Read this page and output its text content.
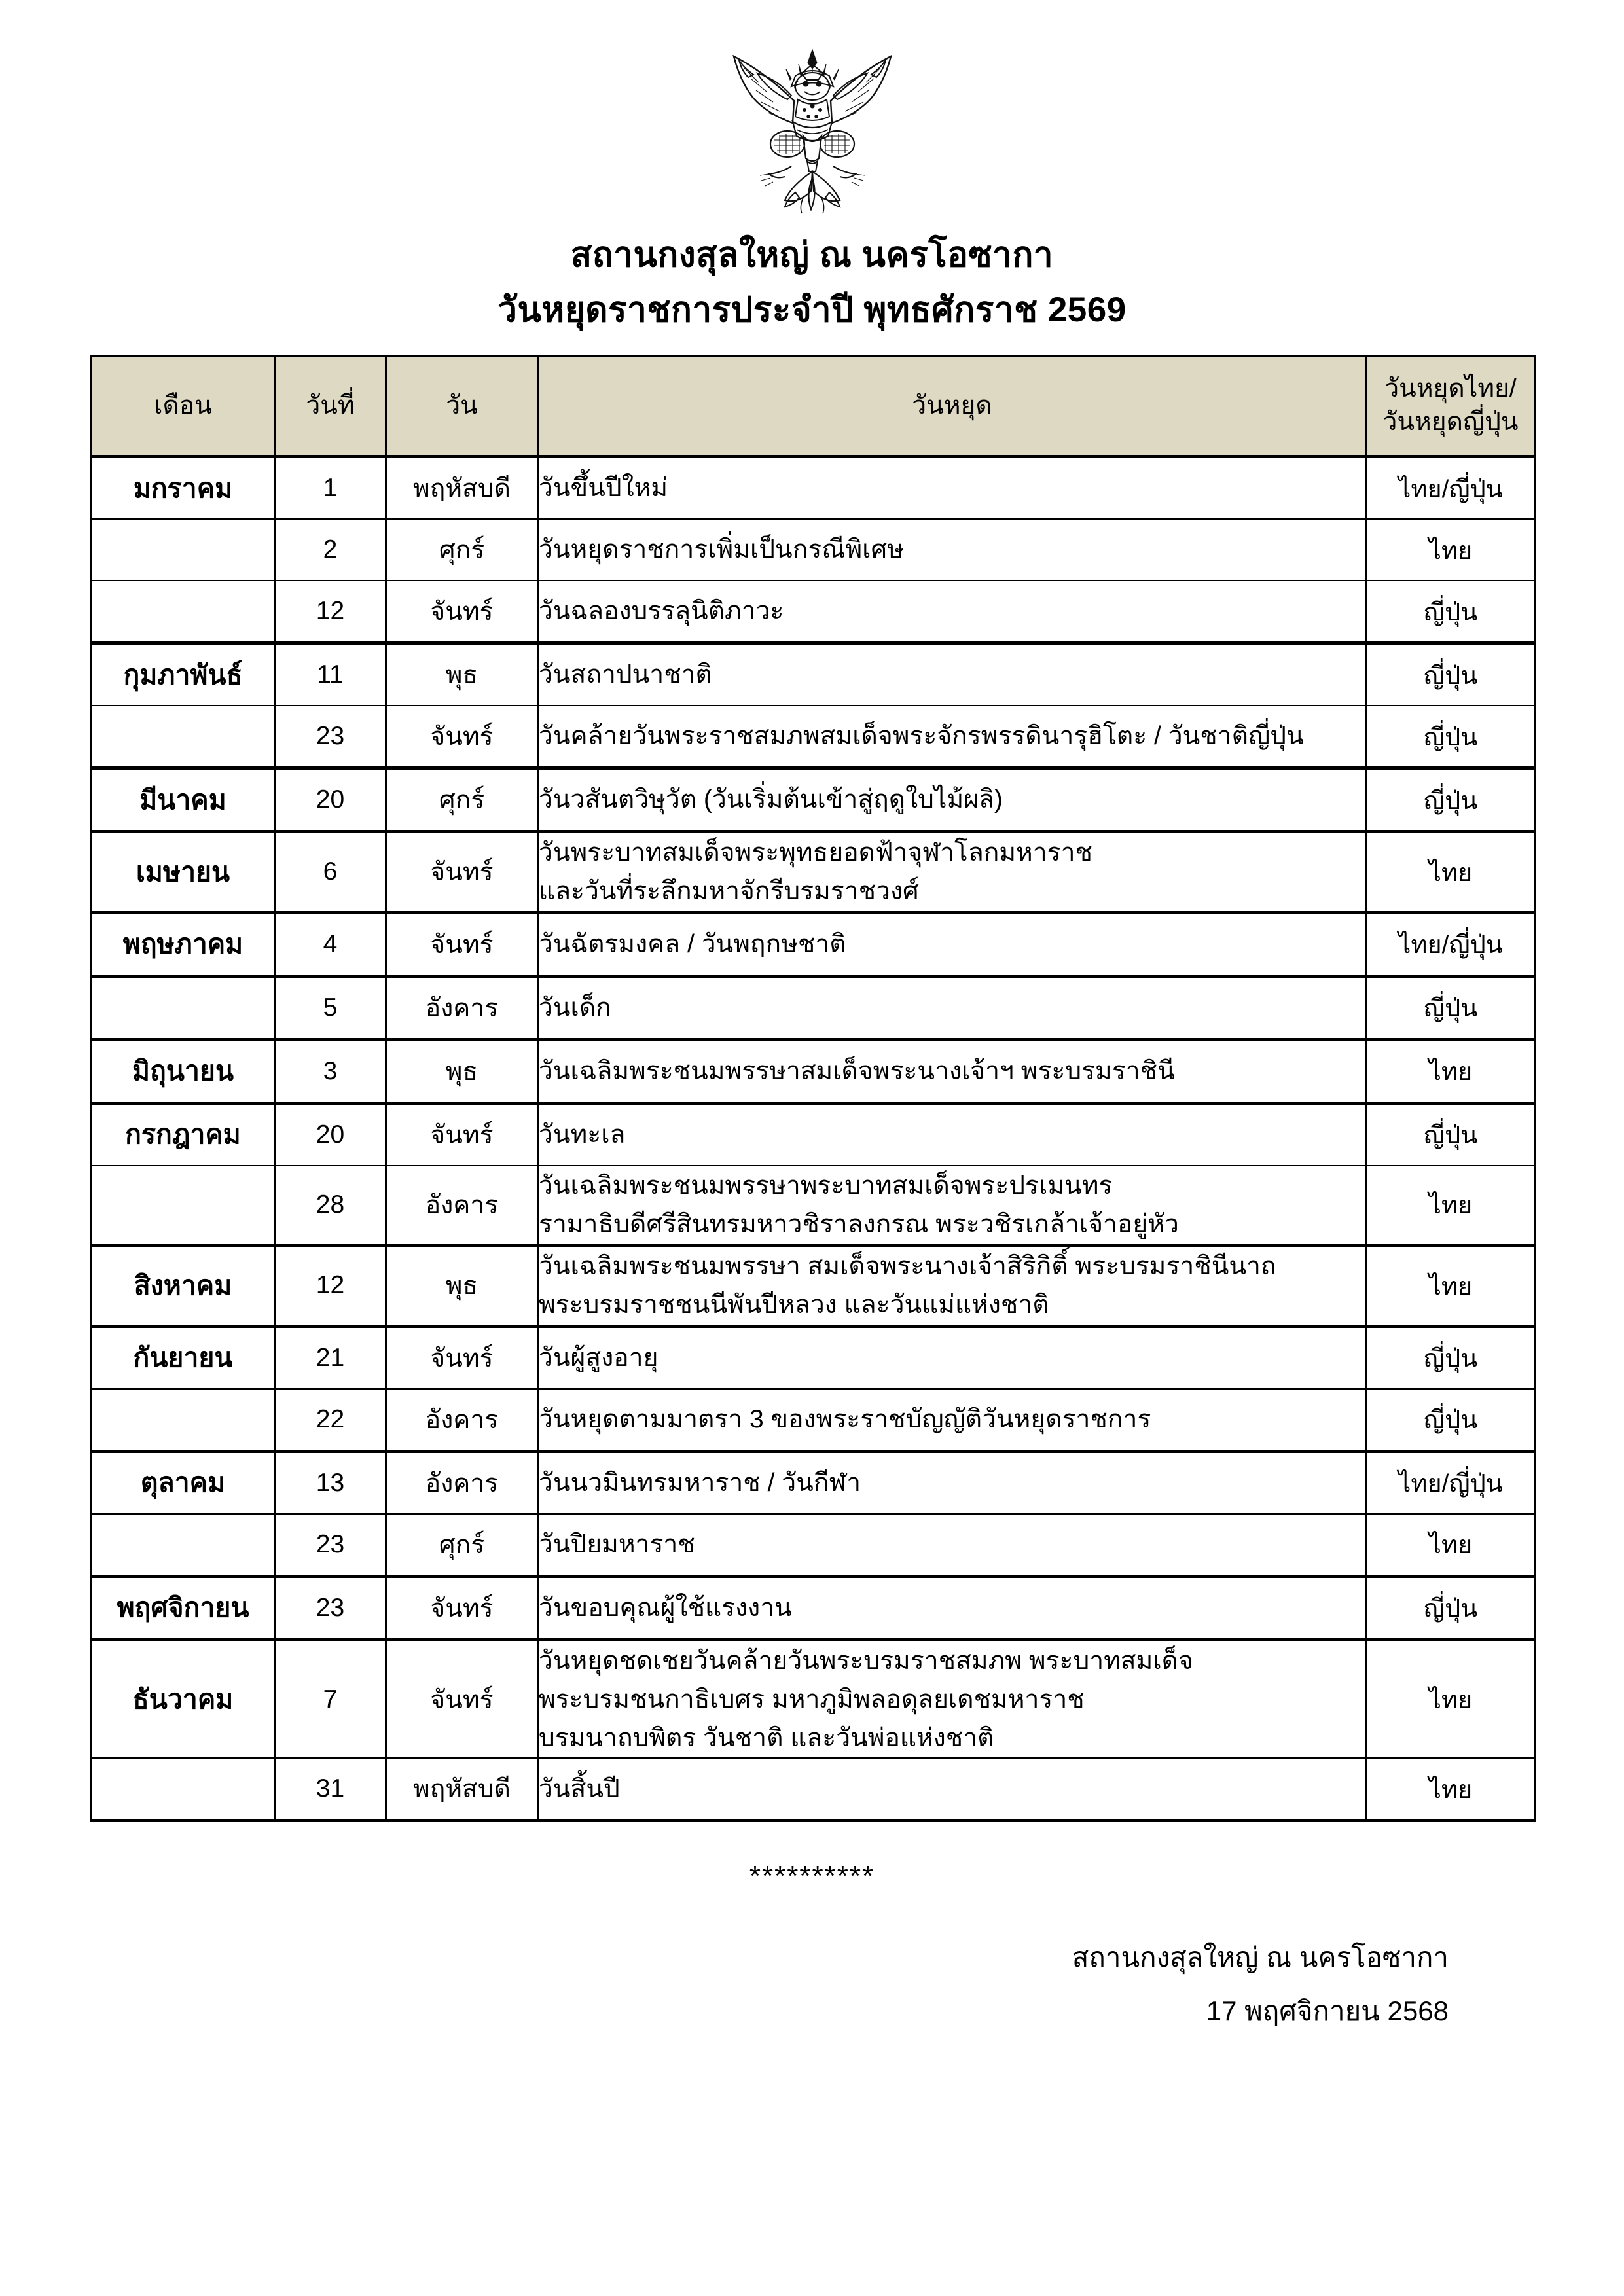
สถานกงสุลใหญ่ ณ นครโอซากา
วันหยุดราชการประจำปี พุทธศักราช 2569
เดือน	วันที่	วัน	วันหยุด	วันหยุดไทย/
วันหยุดญี่ปุ่น

มกราคม	1	พฤหัสบดี	วันขึ้นปีใหม่	ไทย/ญี่ปุ่น
	2	ศุกร์	วันหยุดราชการเพิ่มเป็นกรณีพิเศษ	ไทย
	12	จันทร์	วันฉลองบรรลุนิติภาวะ	ญี่ปุ่น
กุมภาพันธ์	11	พุธ	วันสถาปนาชาติ	ญี่ปุ่น
	23	จันทร์	วันคล้ายวันพระราชสมภพสมเด็จพระจักรพรรดินารุฮิโตะ / วันชาติญี่ปุ่น	ญี่ปุ่น
มีนาคม	20	ศุกร์	วันวสันตวิษุวัต (วันเริ่มต้นเข้าสู่ฤดูใบไม้ผลิ)	ญี่ปุ่น
เมษายน	6	จันทร์	วันพระบาทสมเด็จพระพุทธยอดฟ้าจุฬาโลกมหาราช
และวันที่ระลึกมหาจักรีบรมราชวงศ์	ไทย
พฤษภาคม	4	จันทร์	วันฉัตรมงคล / วันพฤกษชาติ	ไทย/ญี่ปุ่น
	5	อังคาร	วันเด็ก	ญี่ปุ่น
มิถุนายน	3	พุธ	วันเฉลิมพระชนมพรรษาสมเด็จพระนางเจ้าฯ พระบรมราชินี	ไทย
กรกฎาคม	20	จันทร์	วันทะเล	ญี่ปุ่น
	28	อังคาร	วันเฉลิมพระชนมพรรษาพระบาทสมเด็จพระปรเมนทร
รามาธิบดีศรีสินทรมหาวชิราลงกรณ พระวชิรเกล้าเจ้าอยู่หัว	ไทย
สิงหาคม	12	พุธ	วันเฉลิมพระชนมพรรษา สมเด็จพระนางเจ้าสิริกิติ์ พระบรมราชินีนาถ
พระบรมราชชนนีพันปีหลวง และวันแม่แห่งชาติ	ไทย
กันยายน	21	จันทร์	วันผู้สูงอายุ	ญี่ปุ่น
	22	อังคาร	วันหยุดตามมาตรา 3 ของพระราชบัญญัติวันหยุดราชการ	ญี่ปุ่น
ตุลาคม	13	อังคาร	วันนวมินทรมหาราช / วันกีฬา	ไทย/ญี่ปุ่น
	23	ศุกร์	วันปิยมหาราช	ไทย
พฤศจิกายน	23	จันทร์	วันขอบคุณผู้ใช้แรงงาน	ญี่ปุ่น
ธันวาคม	7	จันทร์	วันหยุดชดเชยวันคล้ายวันพระบรมราชสมภพ พระบาทสมเด็จ
พระบรมชนกาธิเบศร มหาภูมิพลอดุลยเดชมหาราช
บรมนาถบพิตร วันชาติ และวันพ่อแห่งชาติ	ไทย
	31	พฤหัสบดี	วันสิ้นปี	ไทย
**********
สถานกงสุลใหญ่ ณ นครโอซากา
17 พฤศจิกายน 2568
